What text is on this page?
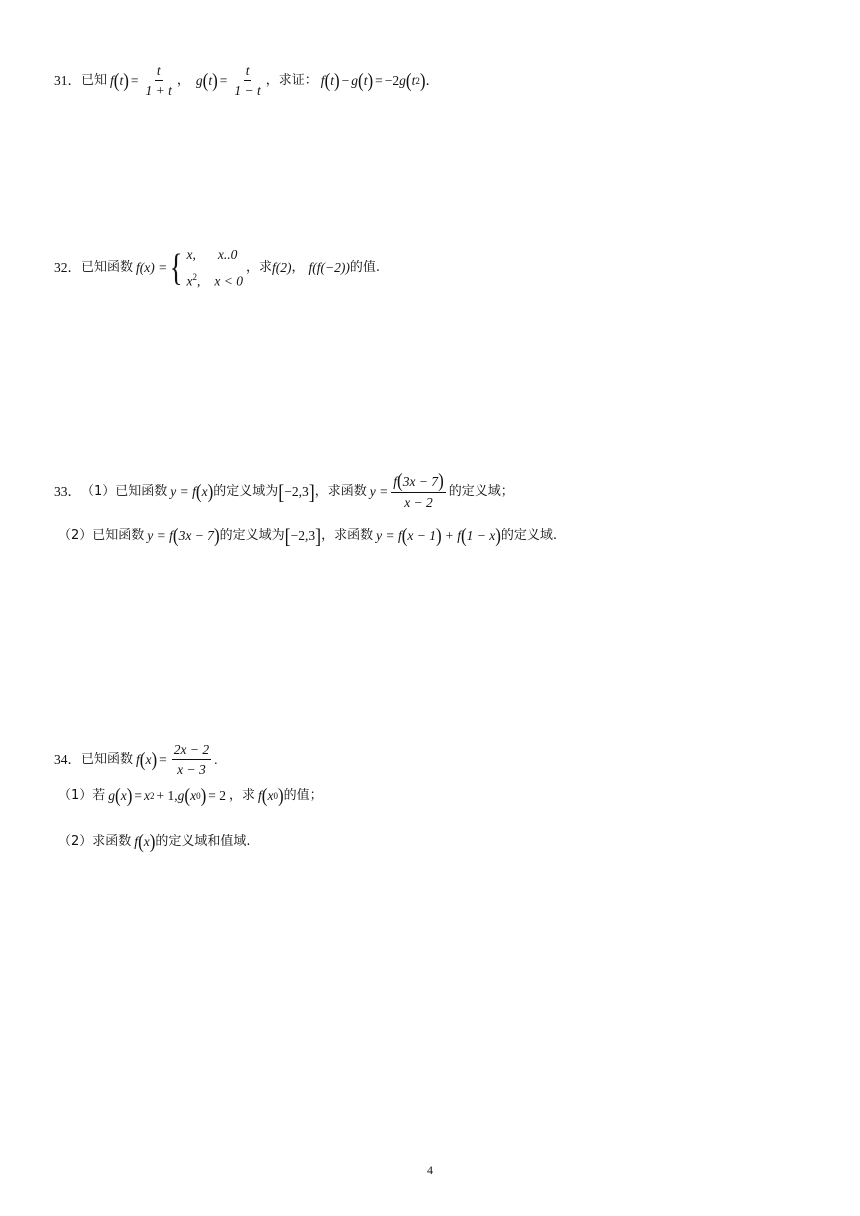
31． 已知 f ( t ) = $\frac{t}{1 + t}$ ， g ( t ) = $\frac{t}{1 - t}$ ， 求证： f ( t ) − g ( t ) = −2 g ( t 2 ) ．
32． 已知函数 f(x) = { x, x..0
$x^2$, x < 0
，求 f(2) ， f(f(−2)) 的值.
33． （1） 已知函数 y = f ( x ) 的定义域为 [ −2,3 ] ，求函数 $y = \frac{f(3x - 7)}{x - 2}$ 的定义域；
（2） 已知函数 y = f ( 3x − 7 ) 的定义域为 [ −2,3 ] ，求函数 y = f ( x − 1 ) + f ( 1 − x ) 的定义域.
34． 已知函数 f ( x ) = $\frac{2x - 2}{x - 3}$ .
（1） 若 g ( x ) = x 2 + 1, g ( x 0 ) = 2 ，求 f ( x 0 ) 的值；
（2） 求函数 f ( x ) 的定义域和值域.
4
